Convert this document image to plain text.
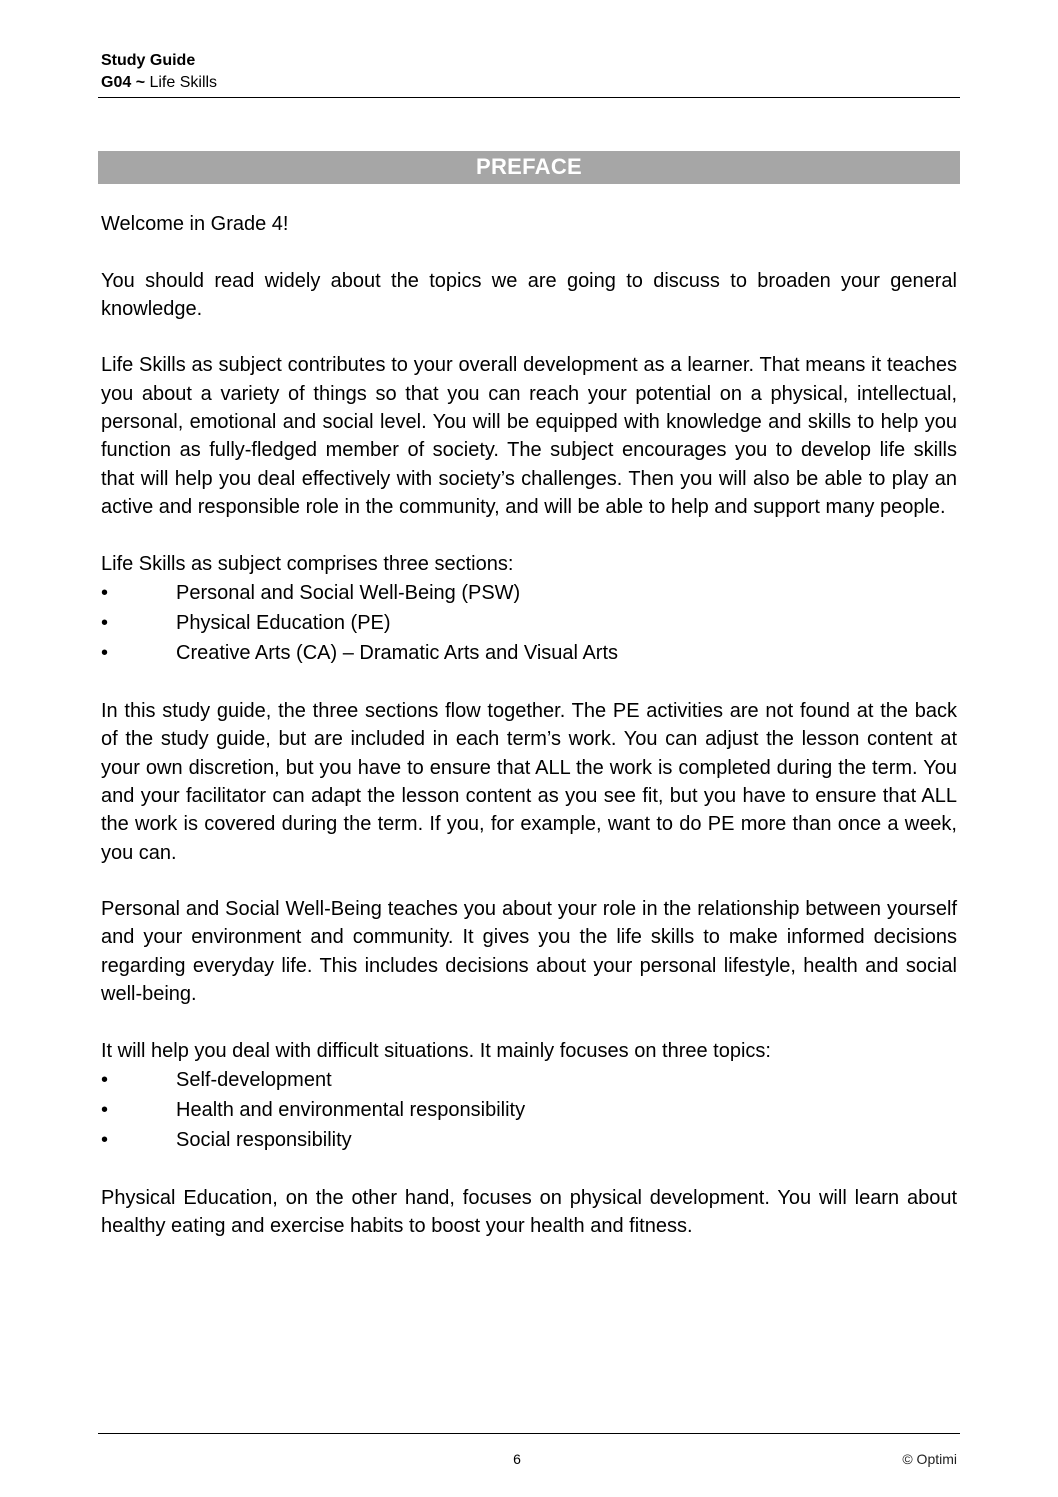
Study Guide
G04 ~ Life Skills
PREFACE

Welcome in Grade 4!

You should read widely about the topics we are going to discuss to broaden your general knowledge.

Life Skills as subject contributes to your overall development as a learner. That means it teaches you about a variety of things so that you can reach your potential on a physical, intellectual, personal, emotional and social level. You will be equipped with knowledge and skills to help you function as fully-fledged member of society. The subject encourages you to develop life skills that will help you deal effectively with society’s challenges. Then you will also be able to play an active and responsible role in the community, and will be able to help and support many people.

Life Skills as subject comprises three sections:

•	Personal and Social Well-Being (PSW)
•	Physical Education (PE)
•	Creative Arts (CA) – Dramatic Arts and Visual Arts

In this study guide, the three sections flow together. The PE activities are not found at the back of the study guide, but are included in each term’s work. You can adjust the lesson content at your own discretion, but you have to ensure that ALL the work is completed during the term. You and your facilitator can adapt the lesson content as you see fit, but you have to ensure that ALL the work is covered during the term. If you, for example, want to do PE more than once a week, you can.

Personal and Social Well-Being teaches you about your role in the relationship between yourself and your environment and community. It gives you the life skills to make informed decisions regarding everyday life. This includes decisions about your personal lifestyle, health and social well-being.

It will help you deal with difficult situations. It mainly focuses on three topics:

•	Self-development
•	Health and environmental responsibility
•	Social responsibility

Physical Education, on the other hand, focuses on physical development. You will learn about healthy eating and exercise habits to boost your health and fitness.

6	© Optimi
